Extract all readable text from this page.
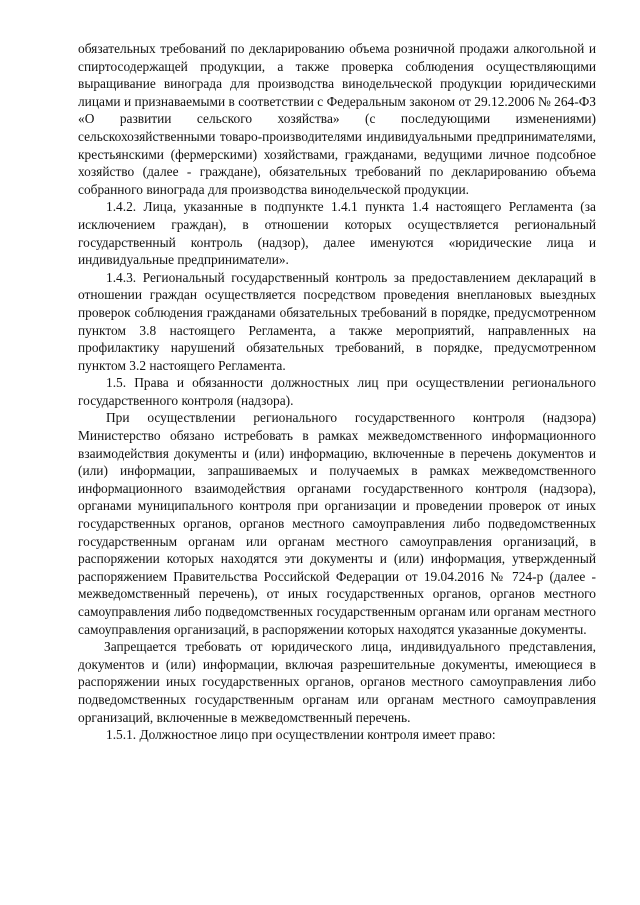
обязательных требований по декларированию объема розничной продажи алкогольной и спиртосодержащей продукции, а также проверка соблюдения осуществляющими выращивание винограда для производства винодельческой продукции юридическими лицами и признаваемыми в соответствии с Федеральным законом от 29.12.2006 № 264-ФЗ «О развитии сельского хозяйства» (с последующими изменениями) сельскохозяйственными товаро-производителями индивидуальными предпринимателями, крестьянскими (фермерскими) хозяйствами, гражданами, ведущими личное подсобное хозяйство (далее - граждане), обязательных требований по декларированию объема собранного винограда для производства винодельческой продукции.

1.4.2. Лица, указанные в подпункте 1.4.1 пункта 1.4 настоящего Регламента (за исключением граждан), в отношении которых осуществляется региональный государственный контроль (надзор), далее именуются «юридические лица и индивидуальные предприниматели».

1.4.3. Региональный государственный контроль за предоставлением деклараций в отношении граждан осуществляется посредством проведения внеплановых выездных проверок соблюдения гражданами обязательных требований в порядке, предусмотренном пунктом 3.8 настоящего Регламента, а также мероприятий, направленных на профилактику нарушений обязательных требований, в порядке, предусмотренном пунктом 3.2 настоящего Регламента.

1.5. Права и обязанности должностных лиц при осуществлении регионального государственного контроля (надзора).

При осуществлении регионального государственного контроля (надзора) Министерство обязано истребовать в рамках межведомственного информационного взаимодействия документы и (или) информацию, включенные в перечень документов и (или) информации, запрашиваемых и получаемых в рамках межведомственного информационного взаимодействия органами государственного контроля (надзора), органами муниципального контроля при организации и проведении проверок от иных государственных органов, органов местного самоуправления либо подведомственных государственным органам или органам местного самоуправления организаций, в распоряжении которых находятся эти документы и (или) информация, утвержденный распоряжением Правительства Российской Федерации от 19.04.2016 № 724-р (далее - межведомственный перечень), от иных государственных органов, органов местного самоуправления либо подведомственных государственным органам или органам местного самоуправления организаций, в распоряжении которых находятся указанные документы.

Запрещается требовать от юридического лица, индивидуального представления, документов и (или) информации, включая разрешительные документы, имеющиеся в распоряжении иных государственных органов, органов местного самоуправления либо подведомственных государственным органам или органам местного самоуправления организаций, включенные в межведомственный перечень.

1.5.1. Должностное лицо при осуществлении контроля имеет право:
